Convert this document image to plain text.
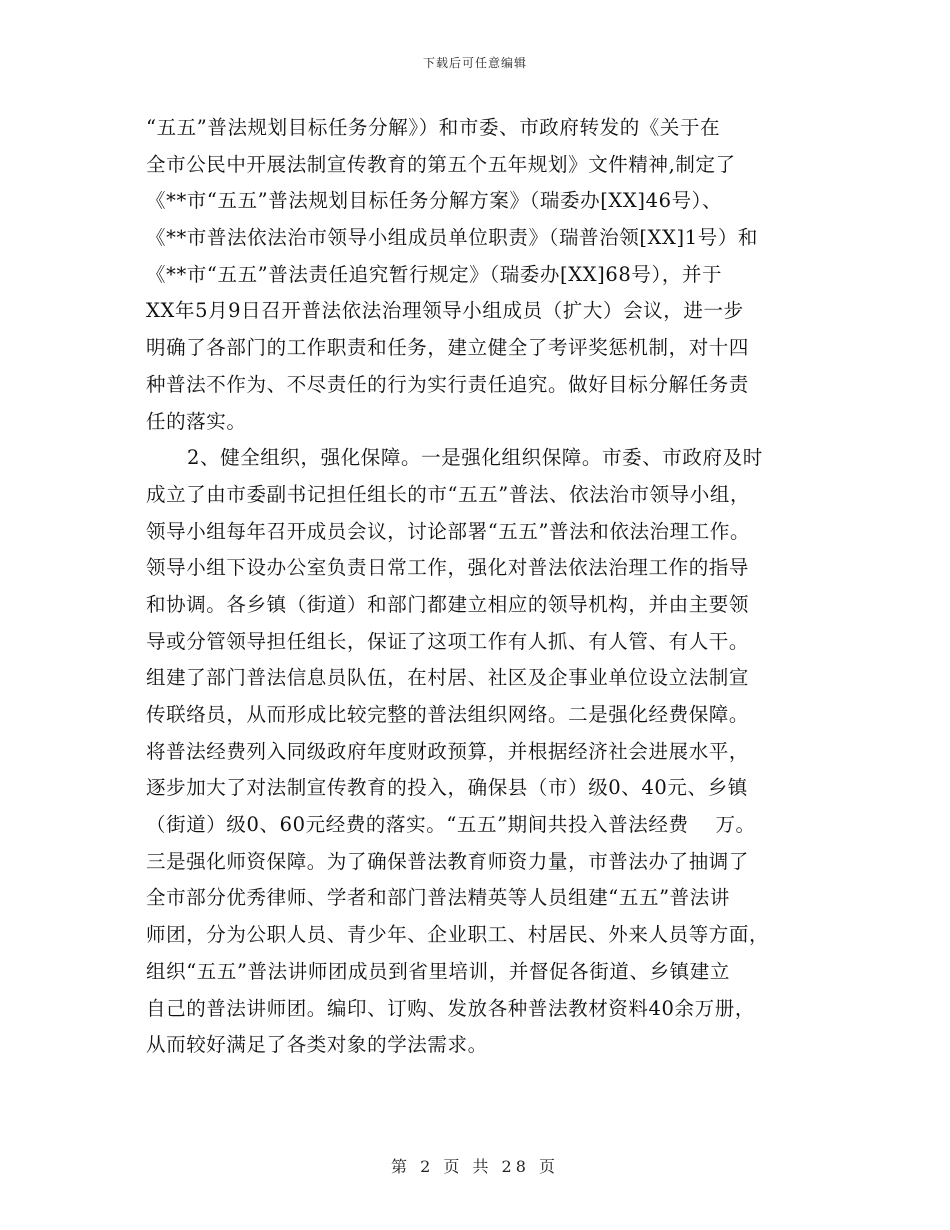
下载后可任意编辑
“五五”普法规划目标任务分解》）和市委、市政府转发的《关于在
全市公民中开展法制宣传教育的第五个五年规划》文件精神,制定了
《**市“五五”普法规划目标任务分解方案》（瑞委办[XX]46号）、
《**市普法依法治市领导小组成员单位职责》（瑞普治领[XX]1号）和
《**市“五五”普法责任追究暂行规定》（瑞委办[XX]68号），并于
XX年5月9日召开普法依法治理领导小组成员（扩大）会议，进一步
明确了各部门的工作职责和任务，建立健全了考评奖惩机制，对十四
种普法不作为、不尽责任的行为实行责任追究。做好目标分解任务责
任的落实。
2、健全组织，强化保障。一是强化组织保障。市委、市政府及时
成立了由市委副书记担任组长的市“五五”普法、依法治市领导小组，
领导小组每年召开成员会议，讨论部署“五五”普法和依法治理工作。
领导小组下设办公室负责日常工作，强化对普法依法治理工作的指导
和协调。各乡镇（街道）和部门都建立相应的领导机构，并由主要领
导或分管领导担任组长，保证了这项工作有人抓、有人管、有人干。
组建了部门普法信息员队伍，在村居、社区及企事业单位设立法制宣
传联络员，从而形成比较完整的普法组织网络。二是强化经费保障。
将普法经费列入同级政府年度财政预算，并根据经济社会进展水平，
逐步加大了对法制宣传教育的投入，确保县（市）级0、40元、乡镇
（街道）级0、60元经费的落实。“五五”期间共投入普法经费　 万。
三是强化师资保障。为了确保普法教育师资力量，市普法办了抽调了
全市部分优秀律师、学者和部门普法精英等人员组建“五五”普法讲
师团，分为公职人员、青少年、企业职工、村居民、外来人员等方面，
组织“五五”普法讲师团成员到省里培训，并督促各街道、乡镇建立
自己的普法讲师团。编印、订购、发放各种普法教材资料40余万册，
从而较好满足了各类对象的学法需求。
第 2 页 共 28 页
